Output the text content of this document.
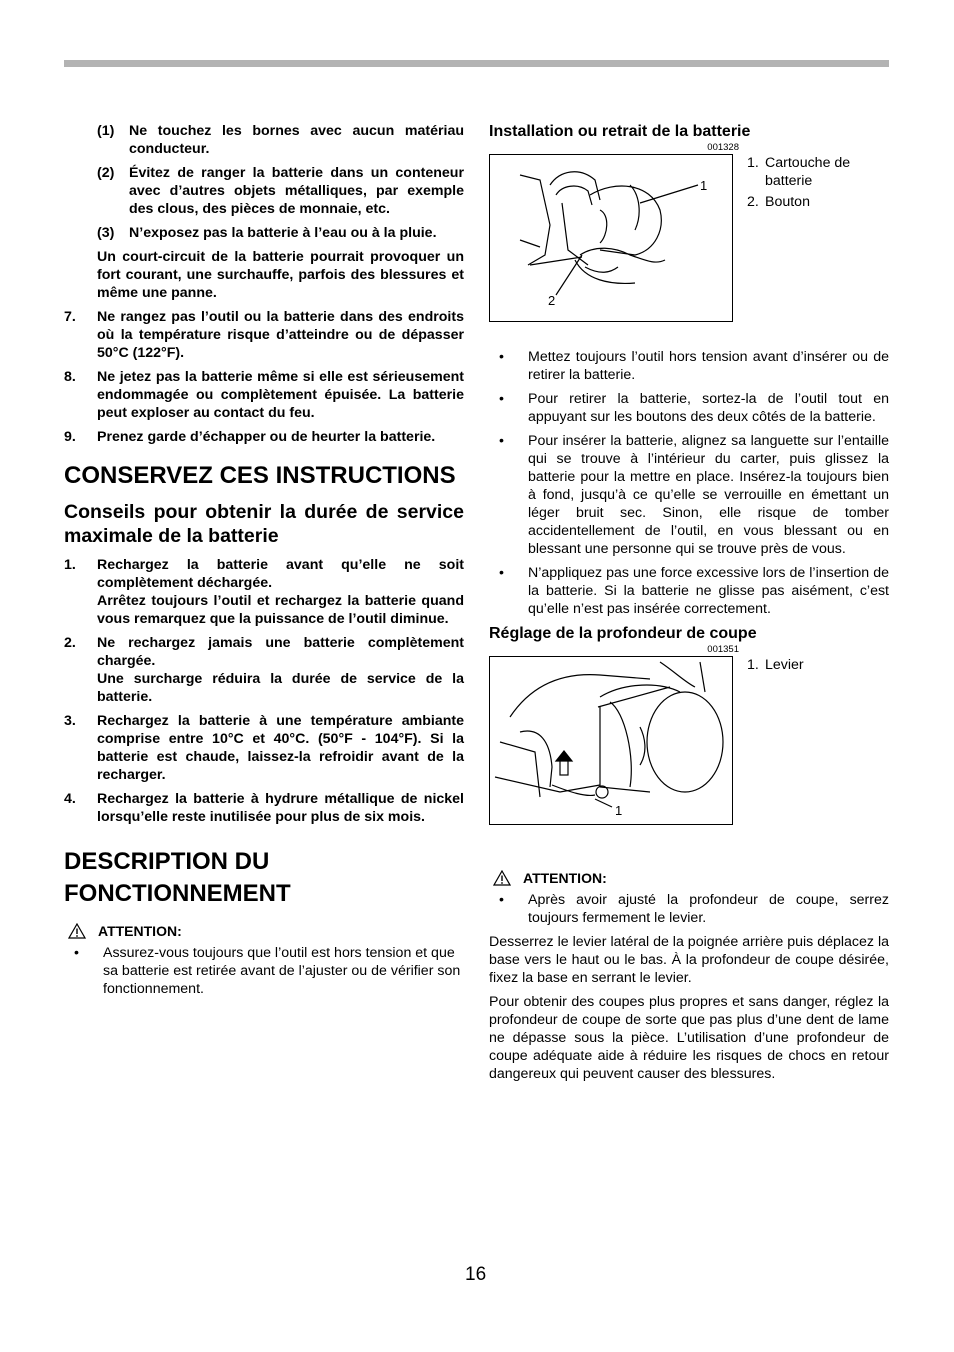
(1)	Ne touchez les bornes avec aucun matériau conducteur.
(2)	Évitez de ranger la batterie dans un conteneur avec d’autres objets métalliques, par exemple des clous, des pièces de monnaie, etc.
(3)	N’exposez pas la batterie à l’eau ou à la pluie.
Un court-circuit de la batterie pourrait provoquer un fort courant, une surchauffe, parfois des blessures et même une panne.
7.	Ne rangez pas l’outil ou la batterie dans des endroits où la température risque d’atteindre ou de dépasser 50°C (122°F).
8.	Ne jetez pas la batterie même si elle est sérieusement endommagée ou complètement épuisée. La batterie peut exploser au contact du feu.
9.	Prenez garde d’échapper ou de heurter la batterie.
CONSERVEZ CES INSTRUCTIONS
Conseils pour obtenir la durée de service maximale de la batterie
1.	Rechargez la batterie avant qu’elle ne soit complètement déchargée.
Arrêtez toujours l’outil et rechargez la batterie quand vous remarquez que la puissance de l’outil diminue.
2.	Ne rechargez jamais une batterie complètement chargée.
Une surcharge réduira la durée de service de la batterie.
3.	Rechargez la batterie à une température ambiante comprise entre 10°C et 40°C. (50°F - 104°F). Si la batterie est chaude, laissez-la refroidir avant de la recharger.
4.	Rechargez la batterie à hydrure métallique de nickel lorsqu’elle reste inutilisée pour plus de six mois.
DESCRIPTION DU FONCTIONNEMENT
ATTENTION:
•	Assurez-vous toujours que l’outil est hors tension et que sa batterie est retirée avant de l’ajuster ou de vérifier son fonctionnement.
Installation ou retrait de la batterie
001328
1
2
1. Cartouche de batterie
2. Bouton
•	Mettez toujours l’outil hors tension avant d’insérer ou de retirer la batterie.
•	Pour retirer la batterie, sortez-la de l’outil tout en appuyant sur les boutons des deux côtés de la batterie.
•	Pour insérer la batterie, alignez sa languette sur l’entaille qui se trouve à l’intérieur du carter, puis glissez la batterie pour la mettre en place. Insérez-la toujours bien à fond, jusqu’à ce qu’elle se verrouille en émettant un léger bruit sec. Sinon, elle risque de tomber accidentellement de l’outil, en vous blessant ou en blessant une personne qui se trouve près de vous.
•	N’appliquez pas une force excessive lors de l’insertion de la batterie. Si la batterie ne glisse pas aisément, c’est qu’elle n’est pas insérée correctement.
Réglage de la profondeur de coupe
001351
1
1. Levier
ATTENTION:
•	Après avoir ajusté la profondeur de coupe, serrez toujours fermement le levier.
Desserrez le levier latéral de la poignée arrière puis déplacez la base vers le haut ou le bas. À la profondeur de coupe désirée, fixez la base en serrant le levier.
Pour obtenir des coupes plus propres et sans danger, réglez la profondeur de coupe de sorte que pas plus d’une dent de lame ne dépasse sous la pièce. L’utilisation d’une profondeur de coupe adéquate aide à réduire les risques de chocs en retour dangereux qui peuvent causer des blessures.
16
